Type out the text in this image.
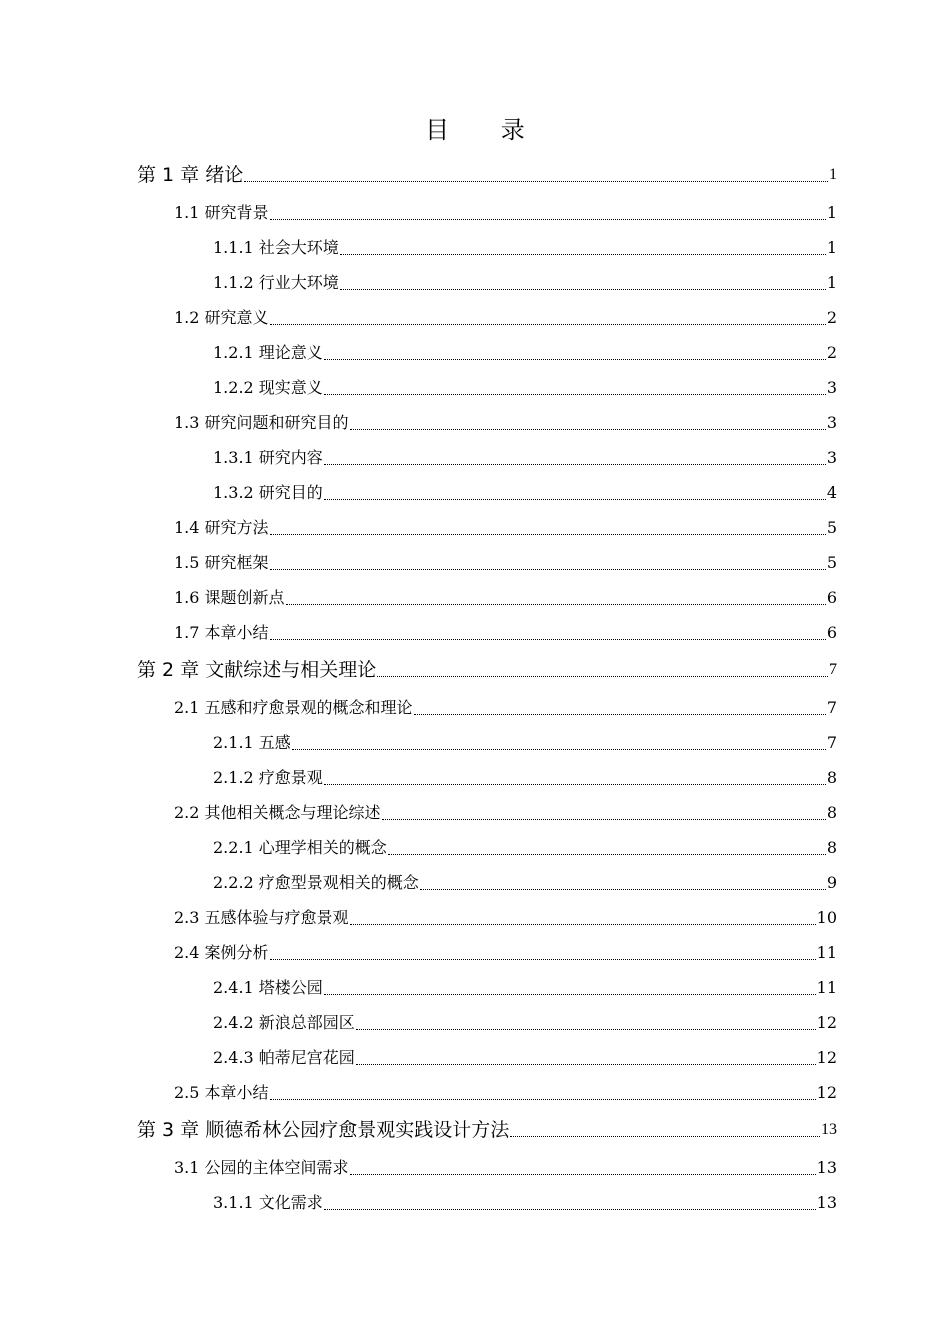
目 录
第 1 章 绪论	1
1.1 研究背景	1
1.1.1 社会大环境	1
1.1.2 行业大环境	1
1.2 研究意义	2
1.2.1 理论意义	2
1.2.2 现实意义	3
1.3 研究问题和研究目的	3
1.3.1 研究内容	3
1.3.2 研究目的	4
1.4 研究方法	5
1.5 研究框架	5
1.6 课题创新点	6
1.7 本章小结	6
第 2 章 文献综述与相关理论	7
2.1 五感和疗愈景观的概念和理论	7
2.1.1 五感	7
2.1.2 疗愈景观	8
2.2 其他相关概念与理论综述	8
2.2.1 心理学相关的概念	8
2.2.2 疗愈型景观相关的概念	9
2.3 五感体验与疗愈景观	10
2.4 案例分析	11
2.4.1 塔楼公园	11
2.4.2 新浪总部园区	12
2.4.3 帕蒂尼宫花园	12
2.5 本章小结	12
第 3 章 顺德希林公园疗愈景观实践设计方法	13
3.1 公园的主体空间需求	13
3.1.1 文化需求	13
